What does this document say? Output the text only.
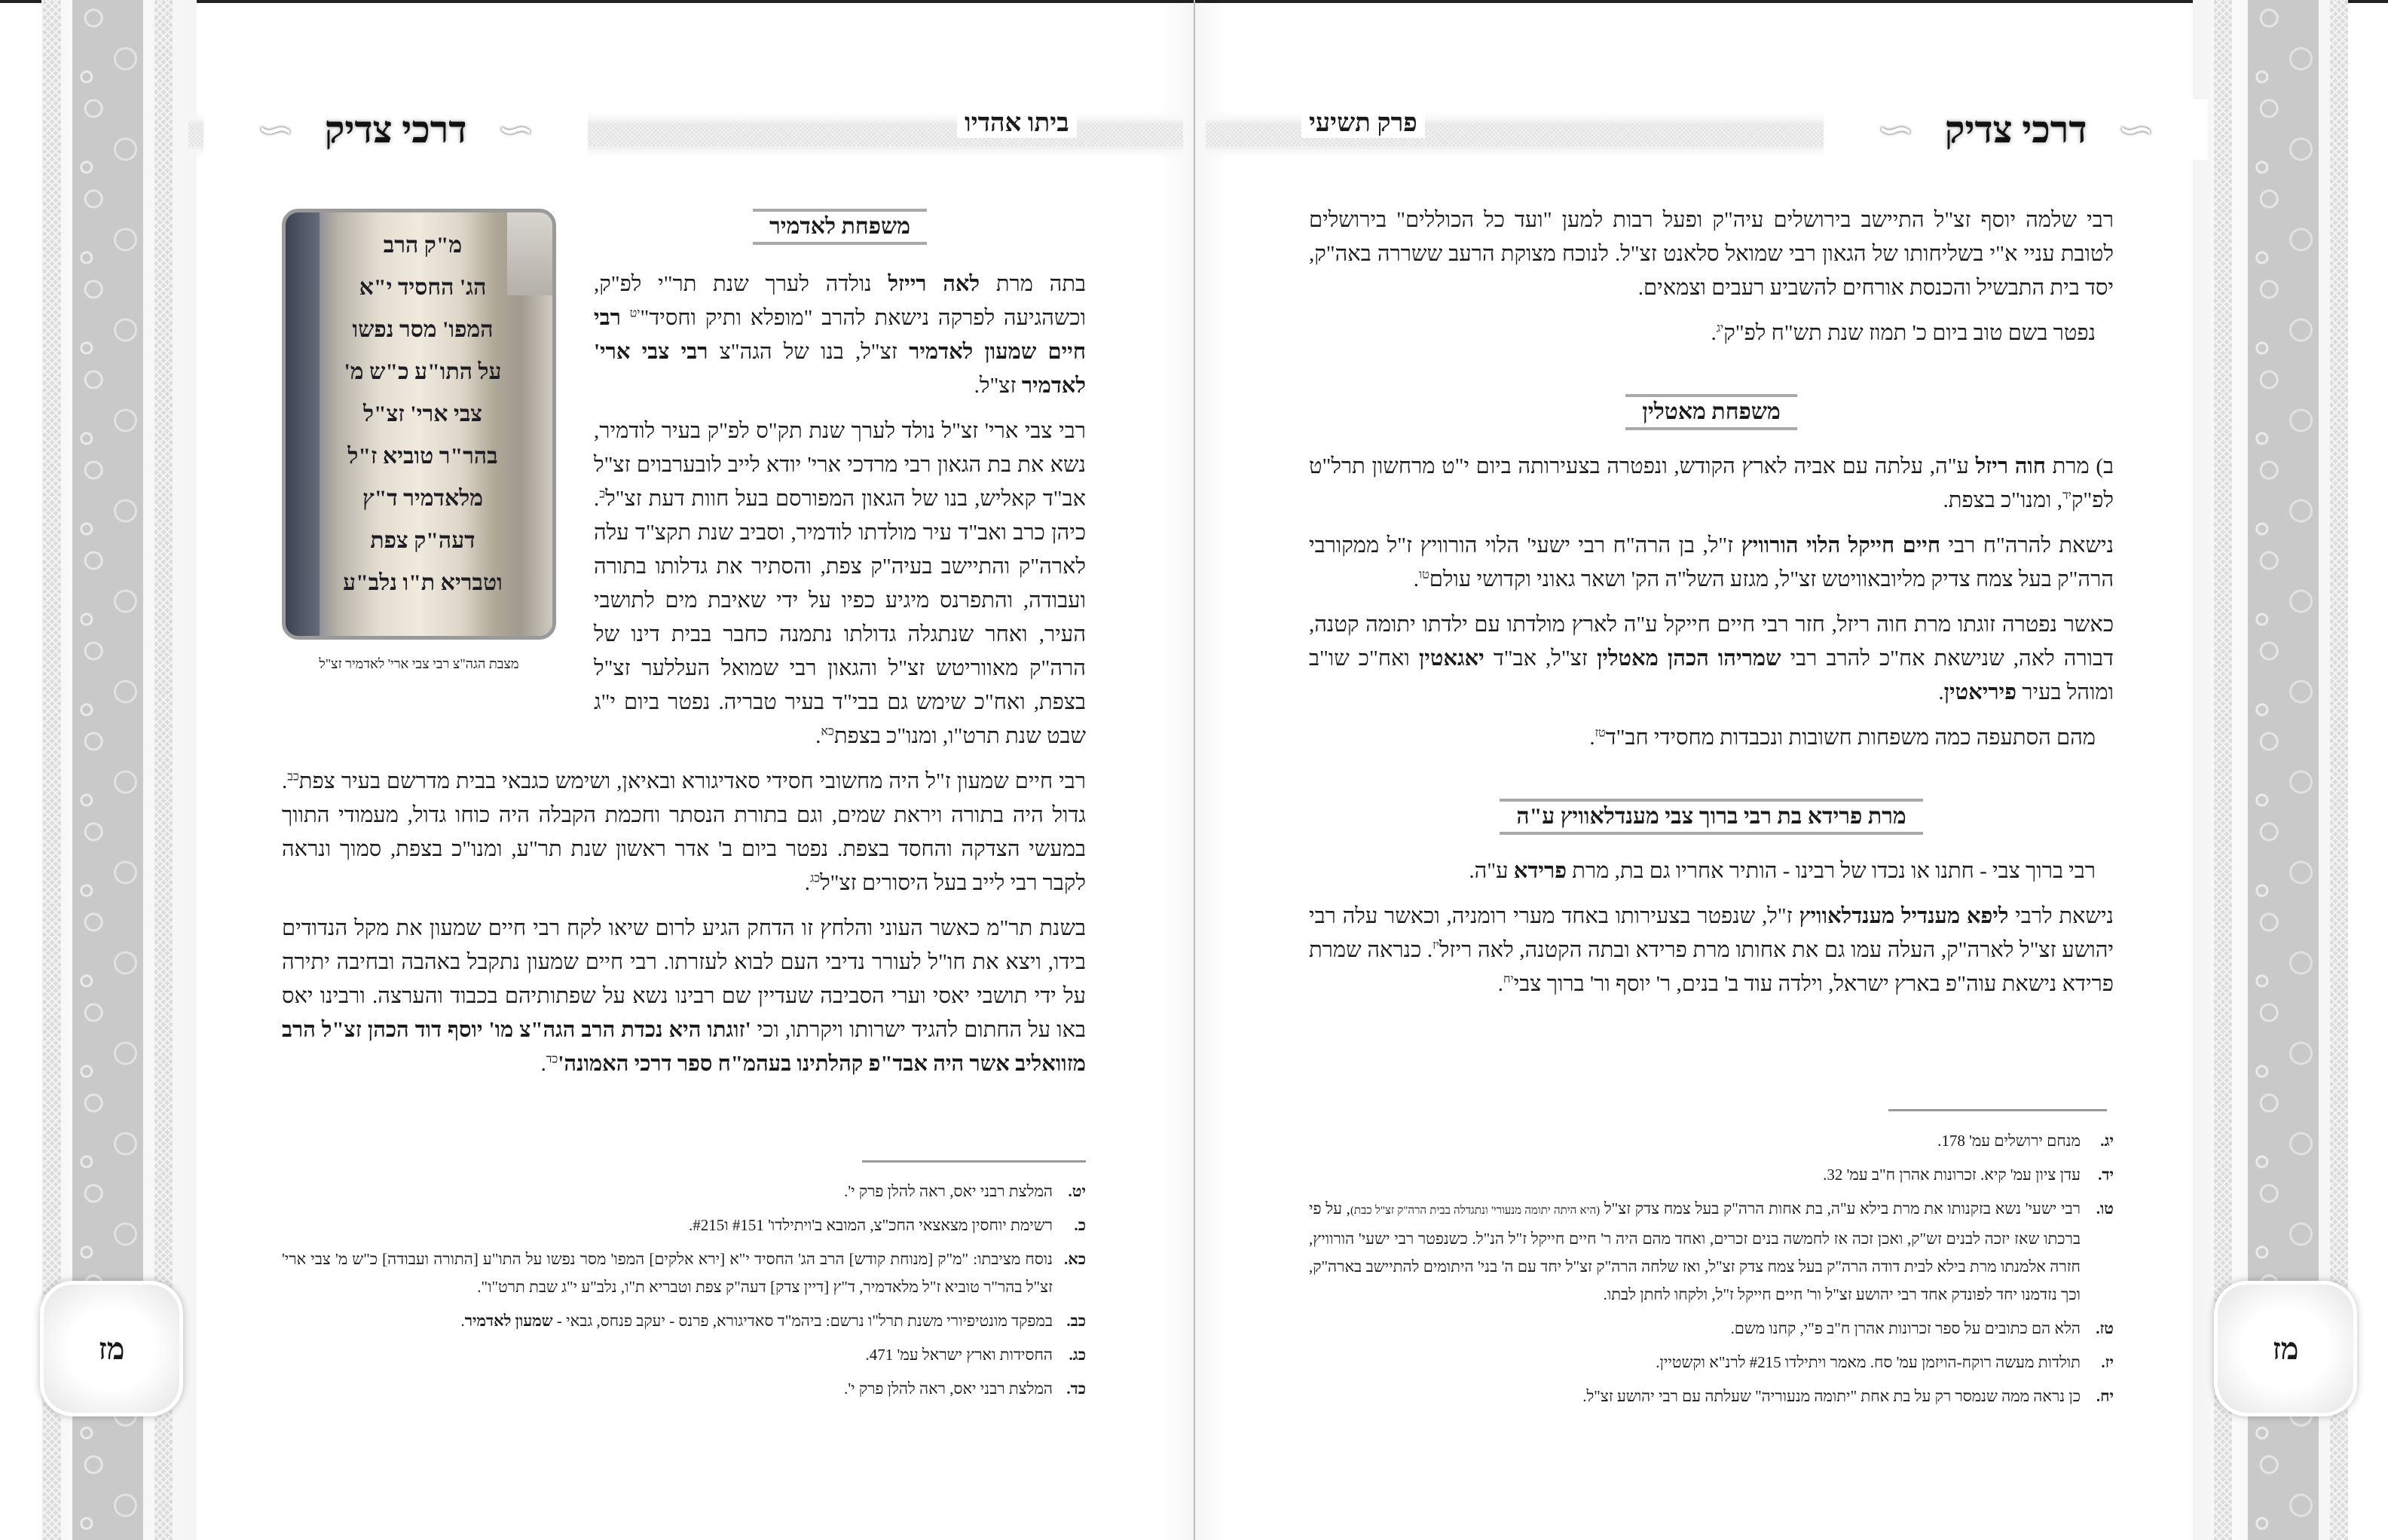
מז	מז
∽ דרכי צדיק ∽	ביתו אהדיו	∽ דרכי צדיק ∽
פרק תשיעי
מ"ק הרב
הג' החסיד י"א
המפו' מסר נפשו
על התו"ע כ"ש מ'
צבי ארי' זצ"ל
בהר"ר טוביא ז"ל
מלאדמיר ד"ץ
דעה"ק צפת
וטבריא ת"ו נלב"ע
מצבת הגה"צ רבי צבי ארי' לאדמיר זצ"ל
משפחת לאדמיר

בתה מרת לאה רייזל נולדה לערך שנת תר"י לפ"ק, וכשהגיעה לפרקה נישאת להרב "מופלא ותיק וחסיד"$^{יט}$ רבי חיים שמעון לאדמיר זצ"ל, בנו של הגה"צ רבי צבי ארי' לאדמיר זצ"ל.

רבי צבי ארי' זצ"ל נולד לערך שנת תק"ס לפ"ק בעיר לודמיר, נשא את בת הגאון רבי מרדכי ארי' יודא לייב לובערבוים זצ"ל אב"ד קאליש, בנו של הגאון המפורסם בעל חוות דעת זצ"ל$^כ$. כיהן כרב ואב"ד עיר מולדתו לודמיר, וסביב שנת תקצ"ד עלה לארה"ק והתיישב בעיה"ק צפת, והסתיר את גדלותו בתורה ועבודה, והתפרנס מיגיע כפיו על ידי שאיבת מים לתושבי העיר, ואחר שנתגלה גדולתו נתמנה כחבר בבית דינו של הרה"ק מאווריטש זצ"ל והגאון רבי שמואל העללער זצ"ל בצפת, ואח"כ שימש גם בבי"ד בעיר טבריה. נפטר ביום י"ג שבט שנת תרט"ו, ומנו"כ בצפת$^{כא}$.

רבי חיים שמעון ז"ל היה מחשובי חסידי סאדיגורא ובאיאן, ושימש כגבאי בבית מדרשם בעיר צפת$^{כב}$. גדול היה בתורה ויראת שמים, וגם בתורת הנסתר וחכמת הקבלה היה כוחו גדול, מעמודי התווך במעשי הצדקה והחסד בצפת. נפטר ביום ב' אדר ראשון שנת תר"ע, ומנו"כ בצפת, סמוך ונראה לקבר רבי לייב בעל היסורים זצ"ל$^{כג}$.

בשנת תר"מ כאשר העוני והלחץ זו הדחק הגיע לרום שיאו לקח רבי חיים שמעון את מקל הנדודים בידו, ויצא את חו"ל לעורר נדיבי העם לבוא לעזרתו. רבי חיים שמעון נתקבל באהבה ובחיבה יתירה על ידי תושבי יאסי וערי הסביבה שעדיין שם רבינו נשא על שפתותיהם בכבוד והערצה. ורבינו יאס באו על החתום להגיד ישרותו ויקרתו, וכי 'זוגתו היא נכדת הרב הגה"צ מו' יוסף דוד הכהן זצ"ל הרב מזוואליב אשר היה אבד"פ קהלתינו בעהמ"ח ספר דרכי $האמונה'^{כד}$.

יט.
המלצת רבני יאס, ראה להלן פרק י'.
כ.
רשימת יוחסין מצאצאי החכ"צ, המובא ב'ויתילדו' #151 ו#215.
כא.
נוסח מציבתו: "מ"ק [מנוחת קודש] הרב הג' החסיד י"א [ירא אלקים] המפו' מסר נפשו על התו"ע [התורה ועבודה] כ"ש מ' צבי ארי' זצ"ל בהר"ר טוביא ז"ל מלאדמיר, ד"ץ [דיין צדק] דעה"ק צפת וטבריא ת"ו, נלב"ע י"ג שבת תרט"ו".
כב.
במפקד מונטיפיורי משנת תרל"ו נרשם: ביהמ"ד סאדיגורא, פרנס - יעקב פנחס, גבאי - שמעון לאדמיר.
כג.
החסידות וארץ ישראל עמ' 471.
כד.
המלצת רבני יאס, ראה להלן פרק י'.

רבי שלמה יוסף זצ"ל התיישב בירושלים עיה"ק ופעל רבות למען "ועד כל הכוללים" בירושלים לטובת עניי א"י בשליחותו של הגאון רבי שמואל סלאנט זצ"ל. לנוכח מצוקת הרעב ששררה באה"ק, יסד בית התבשיל והכנסת אורחים להשביע רעבים וצמאים.

נפטר בשם טוב ביום כ' תמוז שנת תש"ח לפ"ק$^{יג}$.

משפחת מאטלין

ב) מרת חוה ריזל ע"ה, עלתה עם אביה לארץ הקודש, ונפטרה בצעירותה ביום י"ט מרחשון תרל"ט לפ"ק$^{יד}$, ומנו"כ בצפת.

נישאת להרה"ח רבי חיים חייקל הלוי הורוויץ ז"ל, בן הרה"ח רבי ישעי' הלוי הורוויץ ז"ל ממקורבי הרה"ק בעל צמח צדיק מליובאוויטש זצ"ל, מגזע השל"ה הק' ושאר גאוני וקדושי עולם$^{טו}$.

כאשר נפטרה זוגתו מרת חוה ריזל, חזר רבי חיים חייקל ע"ה לארץ מולדתו עם ילדתו יתומה קטנה, דבורה לאה, שנישאת אח"כ להרב רבי שמריהו הכהן מאטלין זצ"ל, אב"ד יאגאטין ואח"כ שו"ב ומוהל בעיר פיריאטין.

מהם הסתעפה כמה משפחות חשובות ונכבדות מחסידי חב"ד$^{טז}$.

מרת פרידא בת רבי ברוך צבי מענדלאוויץ ע"ה

רבי ברוך צבי - חתנו או נכדו של רבינו - הותיר אחריו גם בת, מרת פרידא ע"ה.

נישאת לרבי ליפא מענדיל מענדלאוויץ ז"ל, שנפטר בצעירותו באחד מערי רומניה, וכאשר עלה רבי יהושע זצ"ל לארה"ק, העלה עמו גם את אחותו מרת פרידא ובתה הקטנה, לאה ריזל$^{יז}$. כנראה שמרת פרידא נישאת עוה"פ בארץ ישראל, וילדה עוד ב' בנים, ר' יוסף ור' ברוך צבי$^{יח}$.

יג.
מנחם ירושלים עמ' 178.
יד.
עדן ציון עמ' קיא. זכרונות אהרן ח"ב עמ' 32.
טו.
רבי ישעי' נשא בזקנותו את מרת בילא ע"ה, בת אחות הרה"ק בעל צמח צדק זצ"ל (היא היתה יתומה מנעורי' ונתגדלה בבית הרה"ק זצ"ל כבת), על פי ברכתו שאז יזכה לבנים זש"ק, ואכן זכה אז לחמשה בנים זכרים, ואחד מהם היה ר' חיים חייקל ז"ל הנ"ל. כשנפטר רבי ישעי' הורוויץ, חזרה אלמנתו מרת בילא לבית דודה הרה"ק בעל צמח צדק זצ"ל, ואז שלחה הרה"ק זצ"ל יחד עם ה' בני' היתומים להתיישב בארה"ק, וכך נזדמנו יחד לפונדק אחד רבי יהושע זצ"ל ור' חיים חייקל ז"ל, ולקחו לחתן לבתו.
טז.
הלא הם כתובים על ספר זכרונות אהרן ח"ב פ"י, קחנו משם.
יז.
תולדות מעשה רוקח-הויזמן עמ' סח. מאמר ויתילדו #215 לרנ"א וקשטיין.
יח.
כן נראה ממה שנמסר רק על בת אחת "יתומה מנעוריה" שעלתה עם רבי יהושע זצ"ל.
